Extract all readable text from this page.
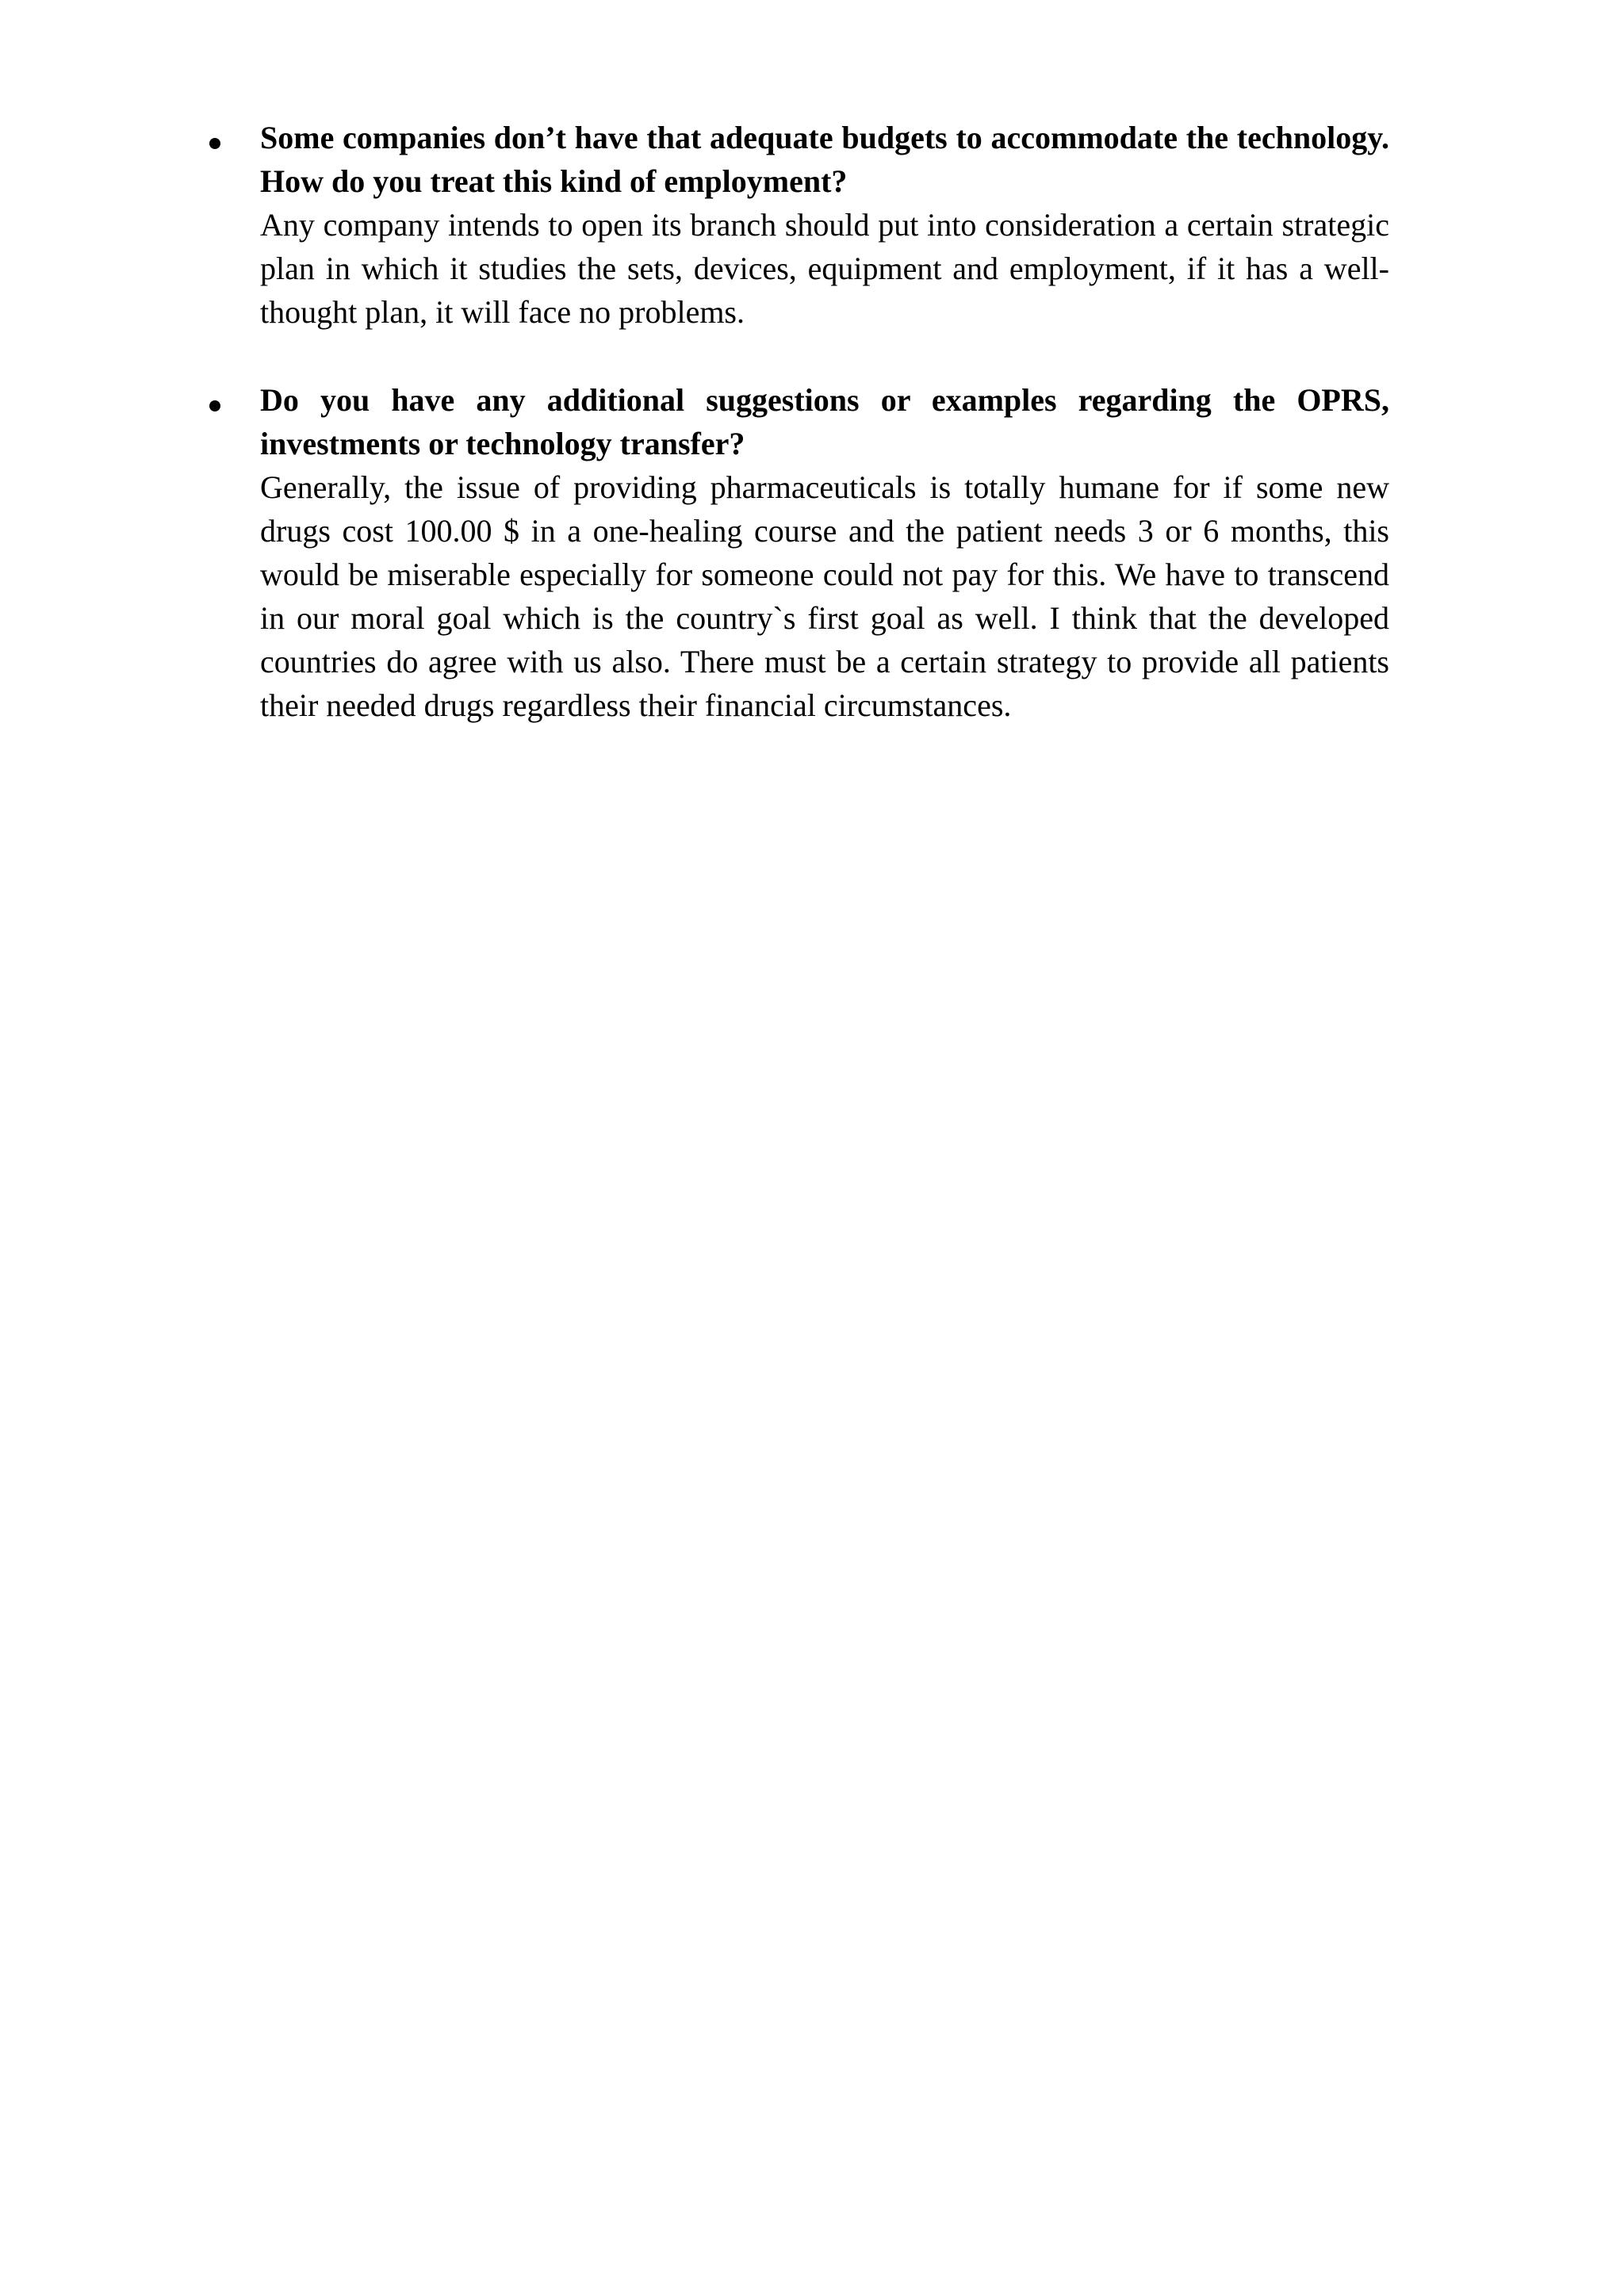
Some companies don’t have that adequate budgets to accommodate the technology. How do you treat this kind of employment?

Any company intends to open its branch should put into consideration a certain strategic plan in which it studies the sets, devices, equipment and employment, if it has a well-thought plan, it will face no problems.

Do you have any additional suggestions or examples regarding the OPRS, investments or technology transfer?

Generally, the issue of providing pharmaceuticals is totally humane for if some new drugs cost 100.00 $ in a one-healing course and the patient needs 3 or 6 months, this would be miserable especially for someone could not pay for this. We have to transcend in our moral goal which is the country`s first goal as well. I think that the developed countries do agree with us also. There must be a certain strategy to provide all patients their needed drugs regardless their financial circumstances.
